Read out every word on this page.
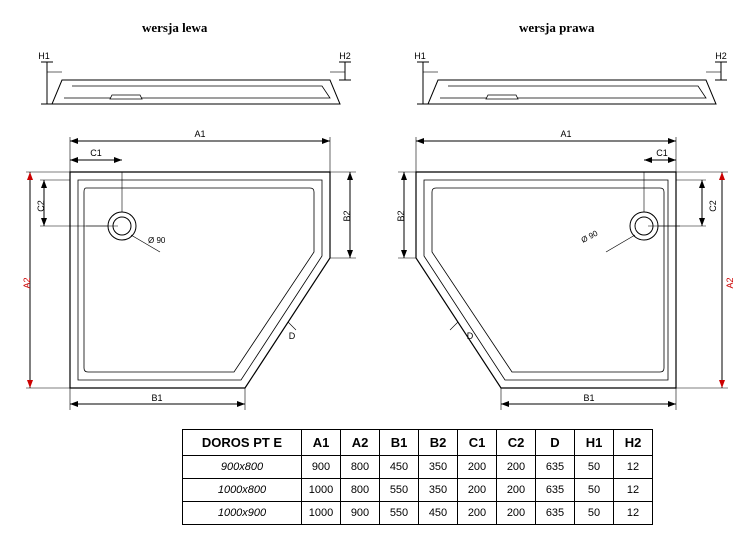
wersja lewa	wersja prawa
H1	H2	H1	H2
A1
C1
C2
A2
B2
B1
D
Ø 90
A1
C1
B2
C2
A2
B1
D
Ø 90
DOROS PT E	A1	A2	B1	B2	C1	C2	D	H1	H2
900x800	900	800	450	350	200	200	635	50	12
1000x800	1000	800	550	350	200	200	635	50	12
1000x900	1000	900	550	450	200	200	635	50	12
